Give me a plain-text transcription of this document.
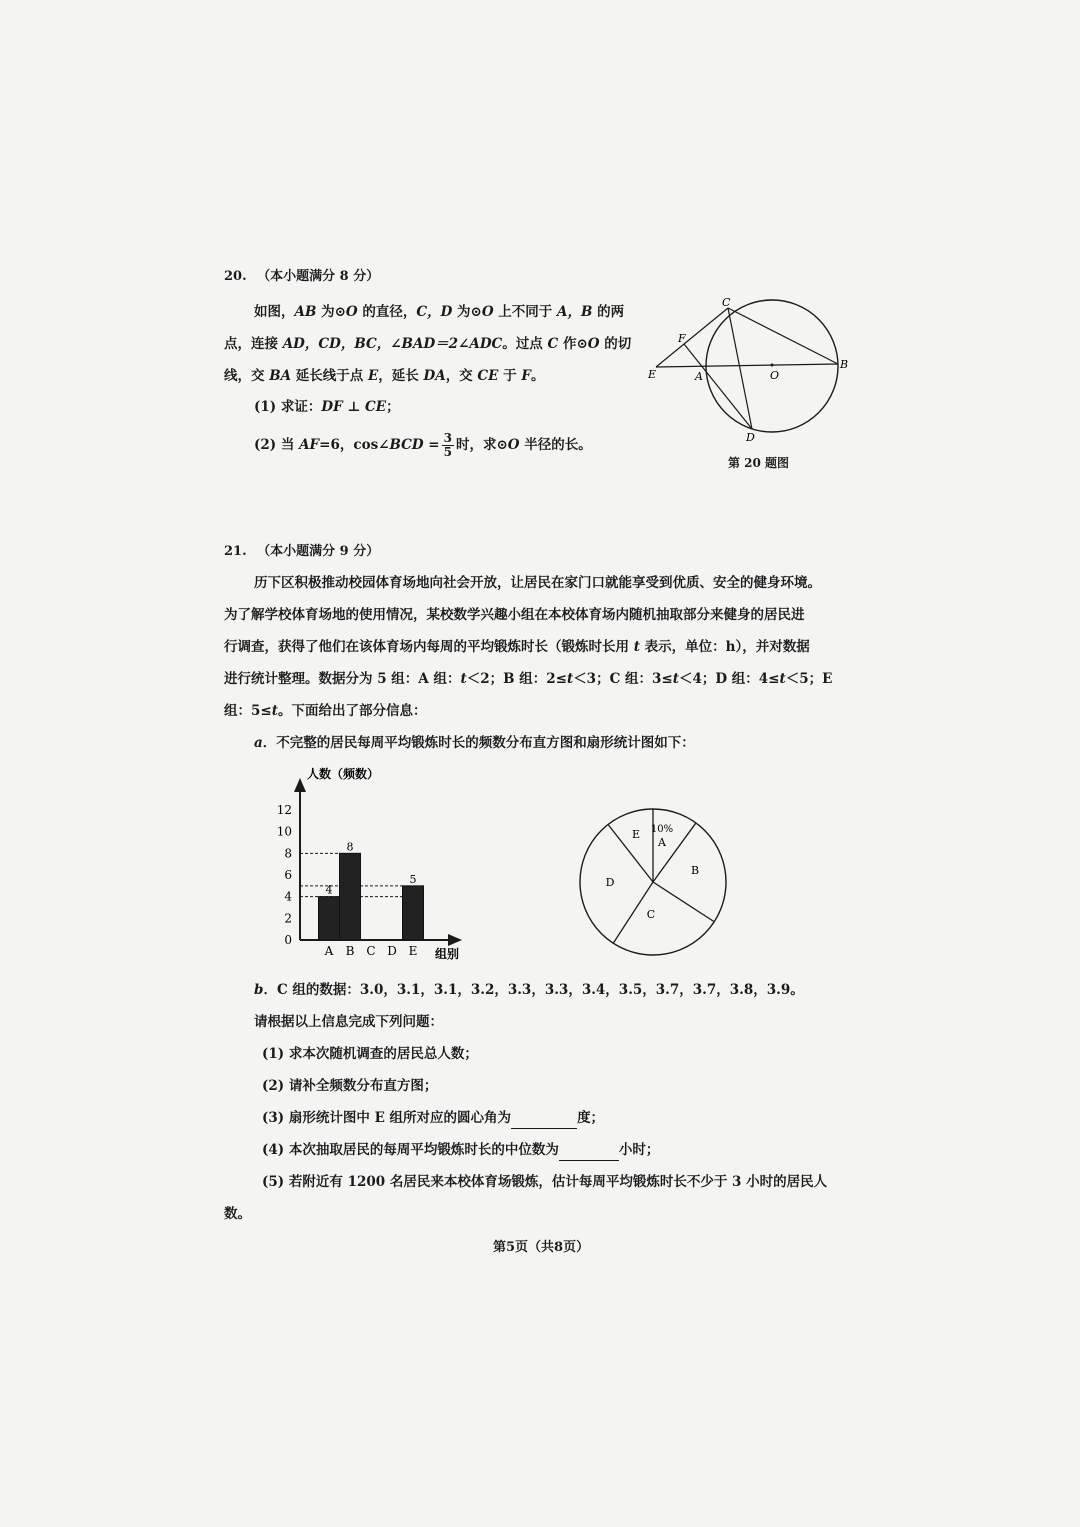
20. （本小题满分 8 分）
如图，AB 为⊙O 的直径，C，D 为⊙O 上不同于 A，B 的两
点，连接 AD，CD，BC，∠BAD＝2∠ADC。过点 C 作⊙O 的切
线，交 BA 延长线于点 E，延长 DA，交 CE 于 F。
(1) 求证：DF ⊥ CE；
(2) 当 AF=6，cos∠BCD = $\frac{3}{5}$ 时，求⊙O 半径的长。
C
F
E	A	O
B
D
第 20 题图
21. （本小题满分 9 分）
历下区积极推动校园体育场地向社会开放，让居民在家门口就能享受到优质、安全的健身环境。
为了解学校体育场地的使用情况，某校数学兴趣小组在本校体育场内随机抽取部分来健身的居民进
行调查，获得了他们在该体育场内每周的平均锻炼时长（锻炼时长用 t 表示，单位：h），并对数据
进行统计整理。数据分为 5 组：A 组：t＜2；B 组：2≤t＜3；C 组：3≤t＜4；D 组：4≤t＜5；E
组：5≤t。下面给出了部分信息：
a．不完整的居民每周平均锻炼时长的频数分布直方图和扇形统计图如下：
人数（频数）
组别
12
10
8
6
4
2
0
A B C D E
4
8
5
10%
A
B
C
D
E
b．C 组的数据：3.0，3.1，3.1，3.2，3.3，3.3，3.4，3.5，3.7，3.7，3.8，3.9。
请根据以上信息完成下列问题：
(1) 求本次随机调查的居民总人数；
(2) 请补全频数分布直方图；
(3) 扇形统计图中 E 组所对应的圆心角为	度；
(4) 本次抽取居民的每周平均锻炼时长的中位数为	小时；
(5) 若附近有 1200 名居民来本校体育场锻炼，估计每周平均锻炼时长不少于 3 小时的居民人
数。
第5页（共8页）
